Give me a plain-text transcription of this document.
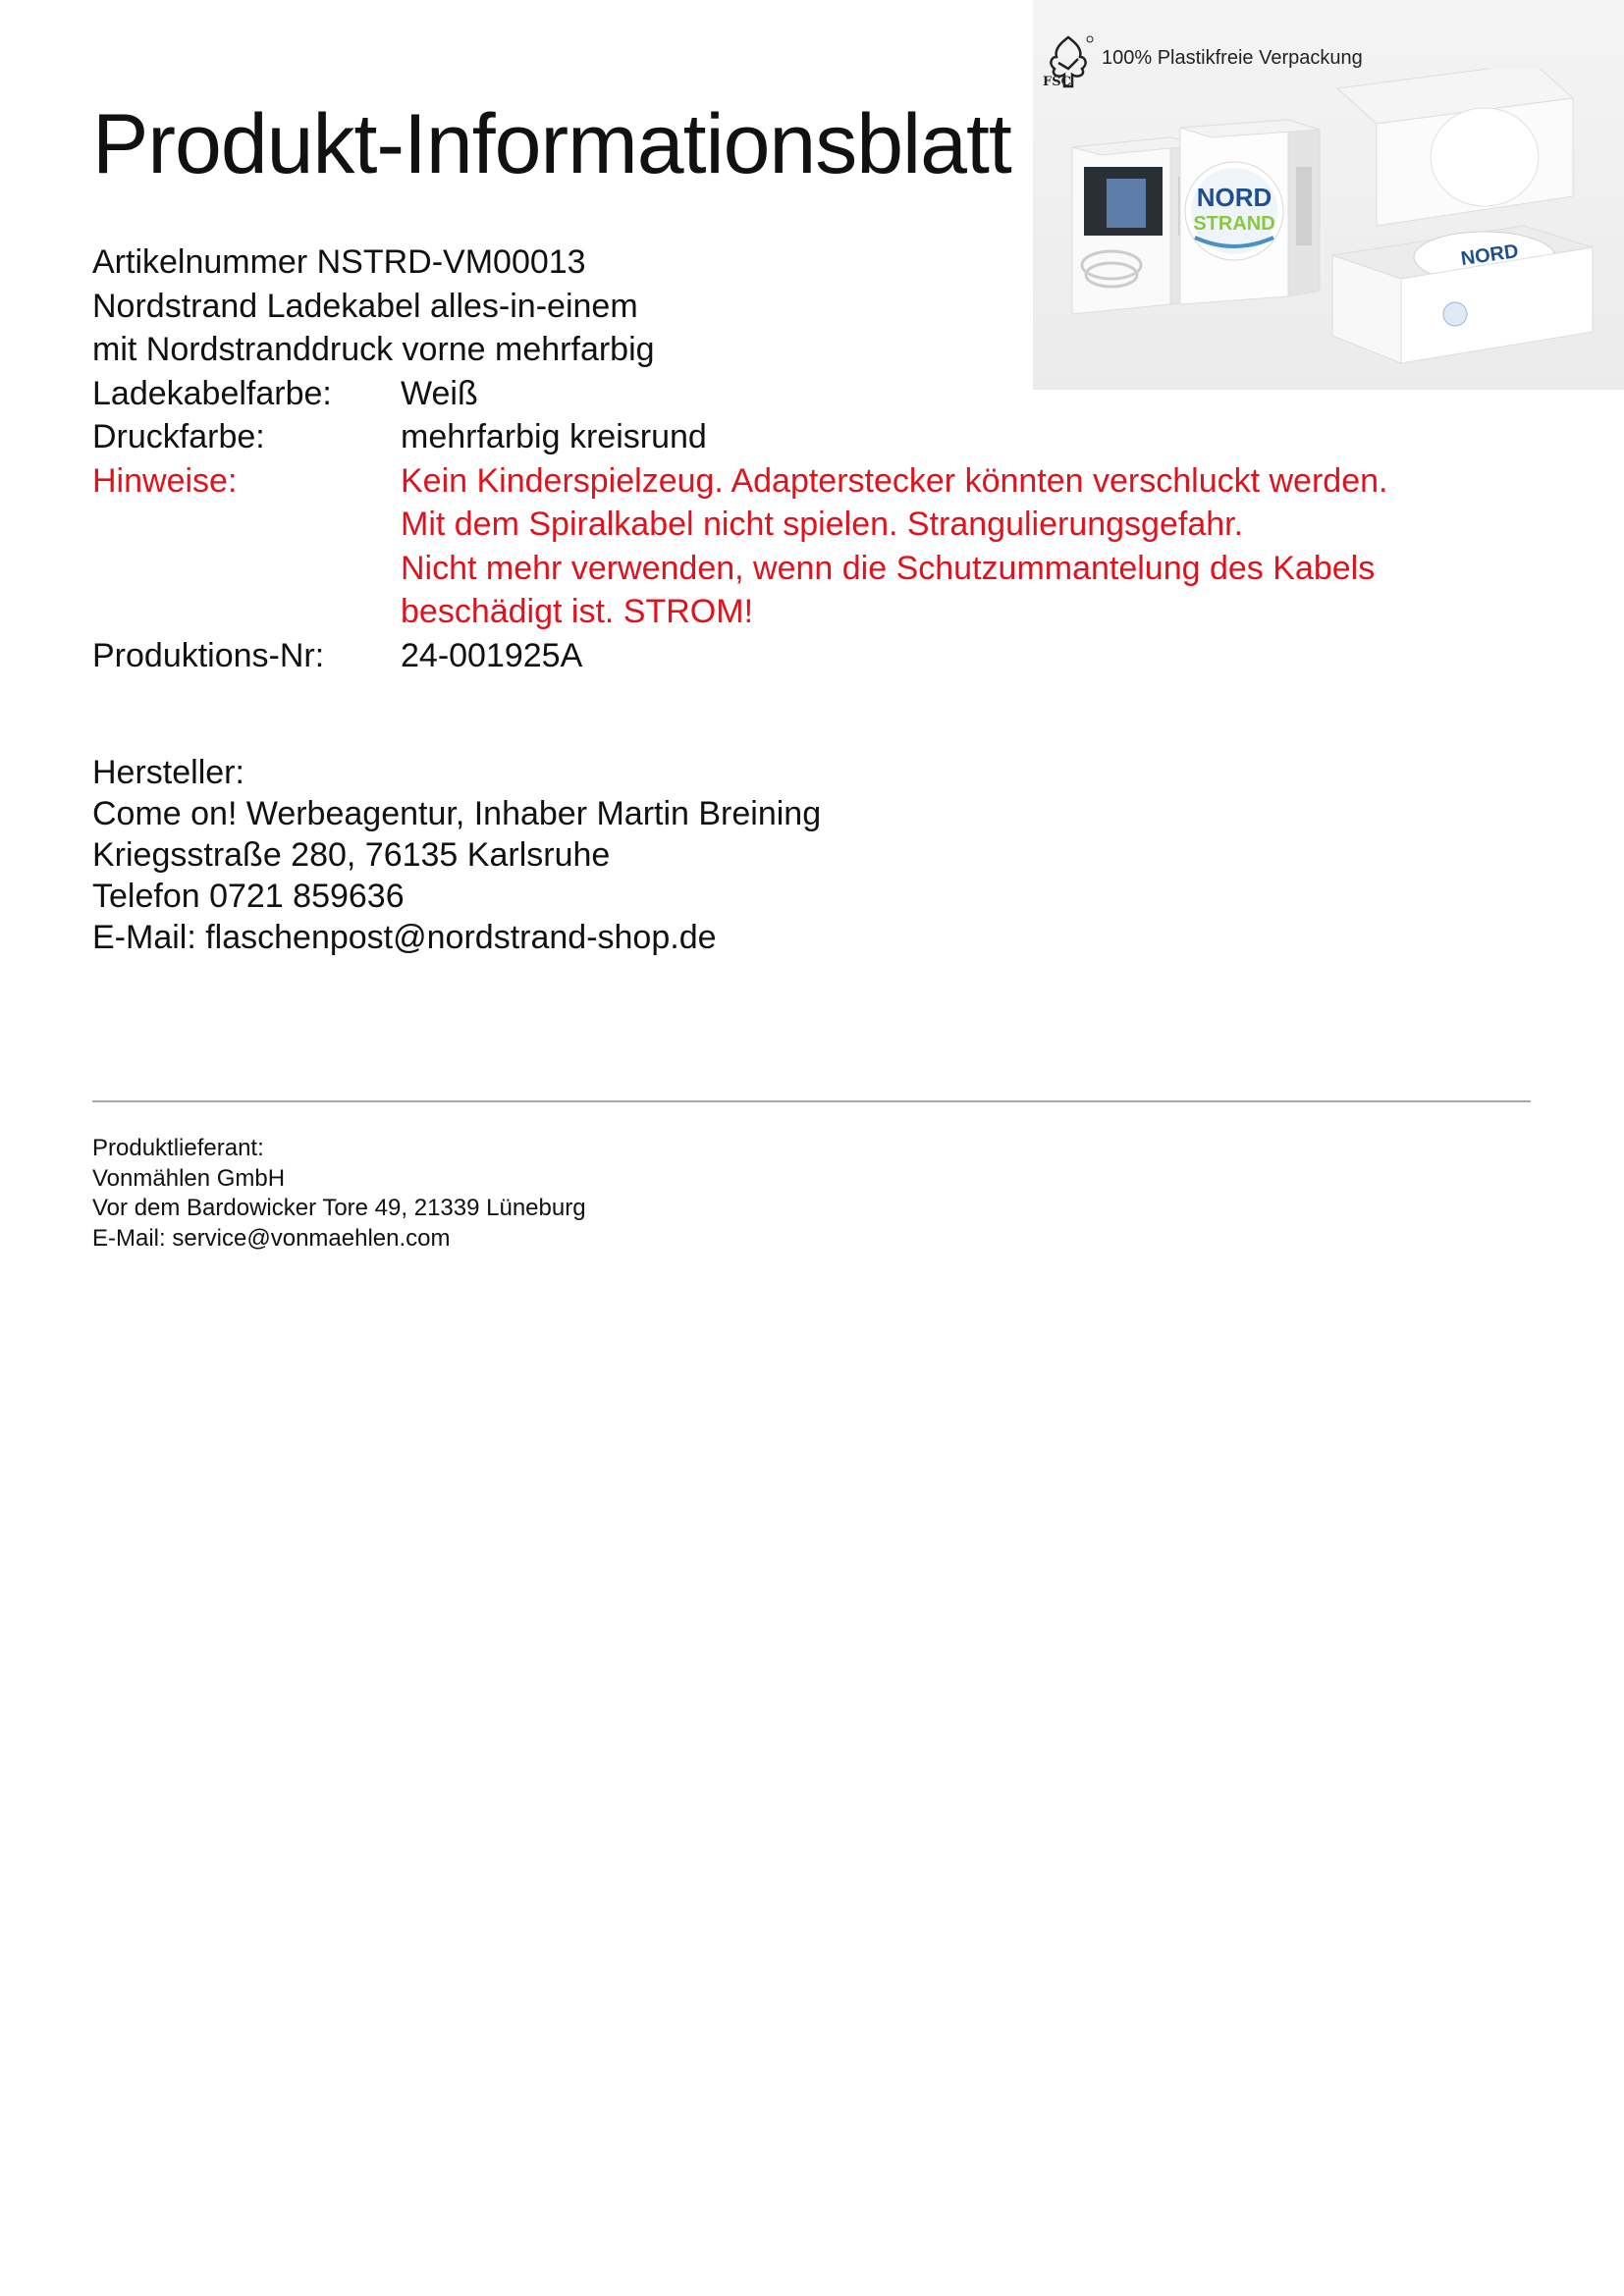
Produkt-Informationsblatt
FSC
100% Plastikfreie Verpackung
NORD
STRAND
NORD
Artikelnummer NSTRD-VM00013
Nordstrand Ladekabel alles-in-einem
mit Nordstranddruck vorne mehrfarbig
Ladekabelfarbe:	Weiß
Druckfarbe:	mehrfarbig kreisrund
Hinweise:	Kein Kinderspielzeug. Adapterstecker könnten verschluckt werden.
Mit dem Spiralkabel nicht spielen. Strangulierungsgefahr.
Nicht mehr verwenden, wenn die Schutzummantelung des Kabels
beschädigt ist. STROM!
Produktions-Nr:	24-001925A
Hersteller:
Come on! Werbeagentur, Inhaber Martin Breining
Kriegsstraße 280, 76135 Karlsruhe
Telefon 0721 859636
E-Mail: flaschenpost@nordstrand-shop.de
Produktlieferant:
Vonmählen GmbH
Vor dem Bardowicker Tore 49, 21339 Lüneburg
E-Mail: service@vonmaehlen.com
